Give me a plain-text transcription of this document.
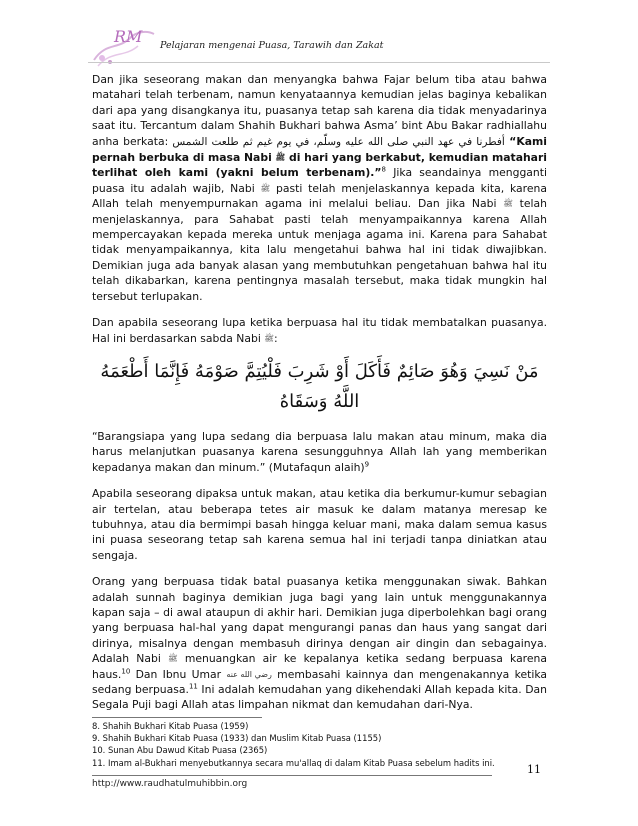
RM Pelajaran mengenai Puasa, Tarawih dan Zakat

Dan jika seseorang makan dan menyangka bahwa Fajar belum tiba atau bahwa matahari telah terbenam, namun kenyataannya kemudian jelas baginya kebalikan dari apa yang disangkanya itu, puasanya tetap sah karena dia tidak menyadarinya saat itu. Tercantum dalam Shahih Bukhari bahwa Asma’ bint Abu Bakar radhiallahu anha berkata: أفطرنا في عهد النبي صلى الله عليه وسلّم، في يوم غيم ثم طلعت الشمس “Kami pernah berbuka di masa Nabi ﷺ di hari yang berkabut, kemudian matahari terlihat oleh kami (yakni belum terbenam).”$^8$ Jika seandainya mengganti puasa itu adalah wajib, Nabi ﷺ pasti telah menjelaskannya kepada kita, karena Allah telah menyempurnakan agama ini melalui beliau. Dan jika Nabi ﷺ telah menjelaskannya, para Sahabat pasti telah menyampaikannya karena Allah mempercayakan kepada mereka untuk menjaga agama ini. Karena para Sahabat tidak menyampaikannya, kita lalu mengetahui bahwa hal ini tidak diwajibkan. Demikian juga ada banyak alasan yang membutuhkan pengetahuan bahwa hal itu telah dikabarkan, karena pentingnya masalah tersebut, maka tidak mungkin hal tersebut terlupakan.

Dan apabila seseorang lupa ketika berpuasa hal itu tidak membatalkan puasanya. Hal ini berdasarkan sabda Nabi ﷺ:

مَنْ نَسِيَ وَهُوَ صَائِمٌ فَأَكَلَ أَوْ شَرِبَ فَلْيُتِمَّ صَوْمَهُ فَإِنَّمَا أَطْعَمَهُ اللَّهُ وَسَقَاهُ

“Barangsiapa yang lupa sedang dia berpuasa lalu makan atau minum, maka dia harus melanjutkan puasanya karena sesungguhnya Allah lah yang memberikan kepadanya makan dan minum.” (Mutafaqun alaih)$^9$

Apabila seseorang dipaksa untuk makan, atau ketika dia berkumur-kumur sebagian air tertelan, atau beberapa tetes air masuk ke dalam matanya meresap ke tubuhnya, atau dia bermimpi basah hingga keluar mani, maka dalam semua kasus ini puasa seseorang tetap sah karena semua hal ini terjadi tanpa diniatkan atau sengaja.

Orang yang berpuasa tidak batal puasanya ketika menggunakan siwak. Bahkan adalah sunnah baginya demikian juga bagi yang lain untuk menggunakannya kapan saja – di awal ataupun di akhir hari. Demikian juga diperbolehkan bagi orang yang berpuasa hal-hal yang dapat mengurangi panas dan haus yang sangat dari dirinya, misalnya dengan membasuh dirinya dengan air dingin dan sebagainya. Adalah Nabi ﷺ menuangkan air ke kepalanya ketika sedang berpuasa karena haus.$^{10}$ Dan Ibnu Umar رضي الله عنه membasahi kainnya dan mengenakannya ketika sedang berpuasa.$^{11}$ Ini adalah kemudahan yang dikehendaki Allah kepada kita. Dan Segala Puji bagi Allah atas limpahan nikmat dan kemudahan dari-Nya.

8. Shahih Bukhari Kitab Puasa (1959)
9. Shahih Bukhari Kitab Puasa (1933) dan Muslim Kitab Puasa (1155)
10. Sunan Abu Dawud Kitab Puasa (2365)
11. Imam al-Bukhari menyebutkannya secara mu'allaq di dalam Kitab Puasa sebelum hadits ini.
11
http://www.raudhatulmuhibbin.org
